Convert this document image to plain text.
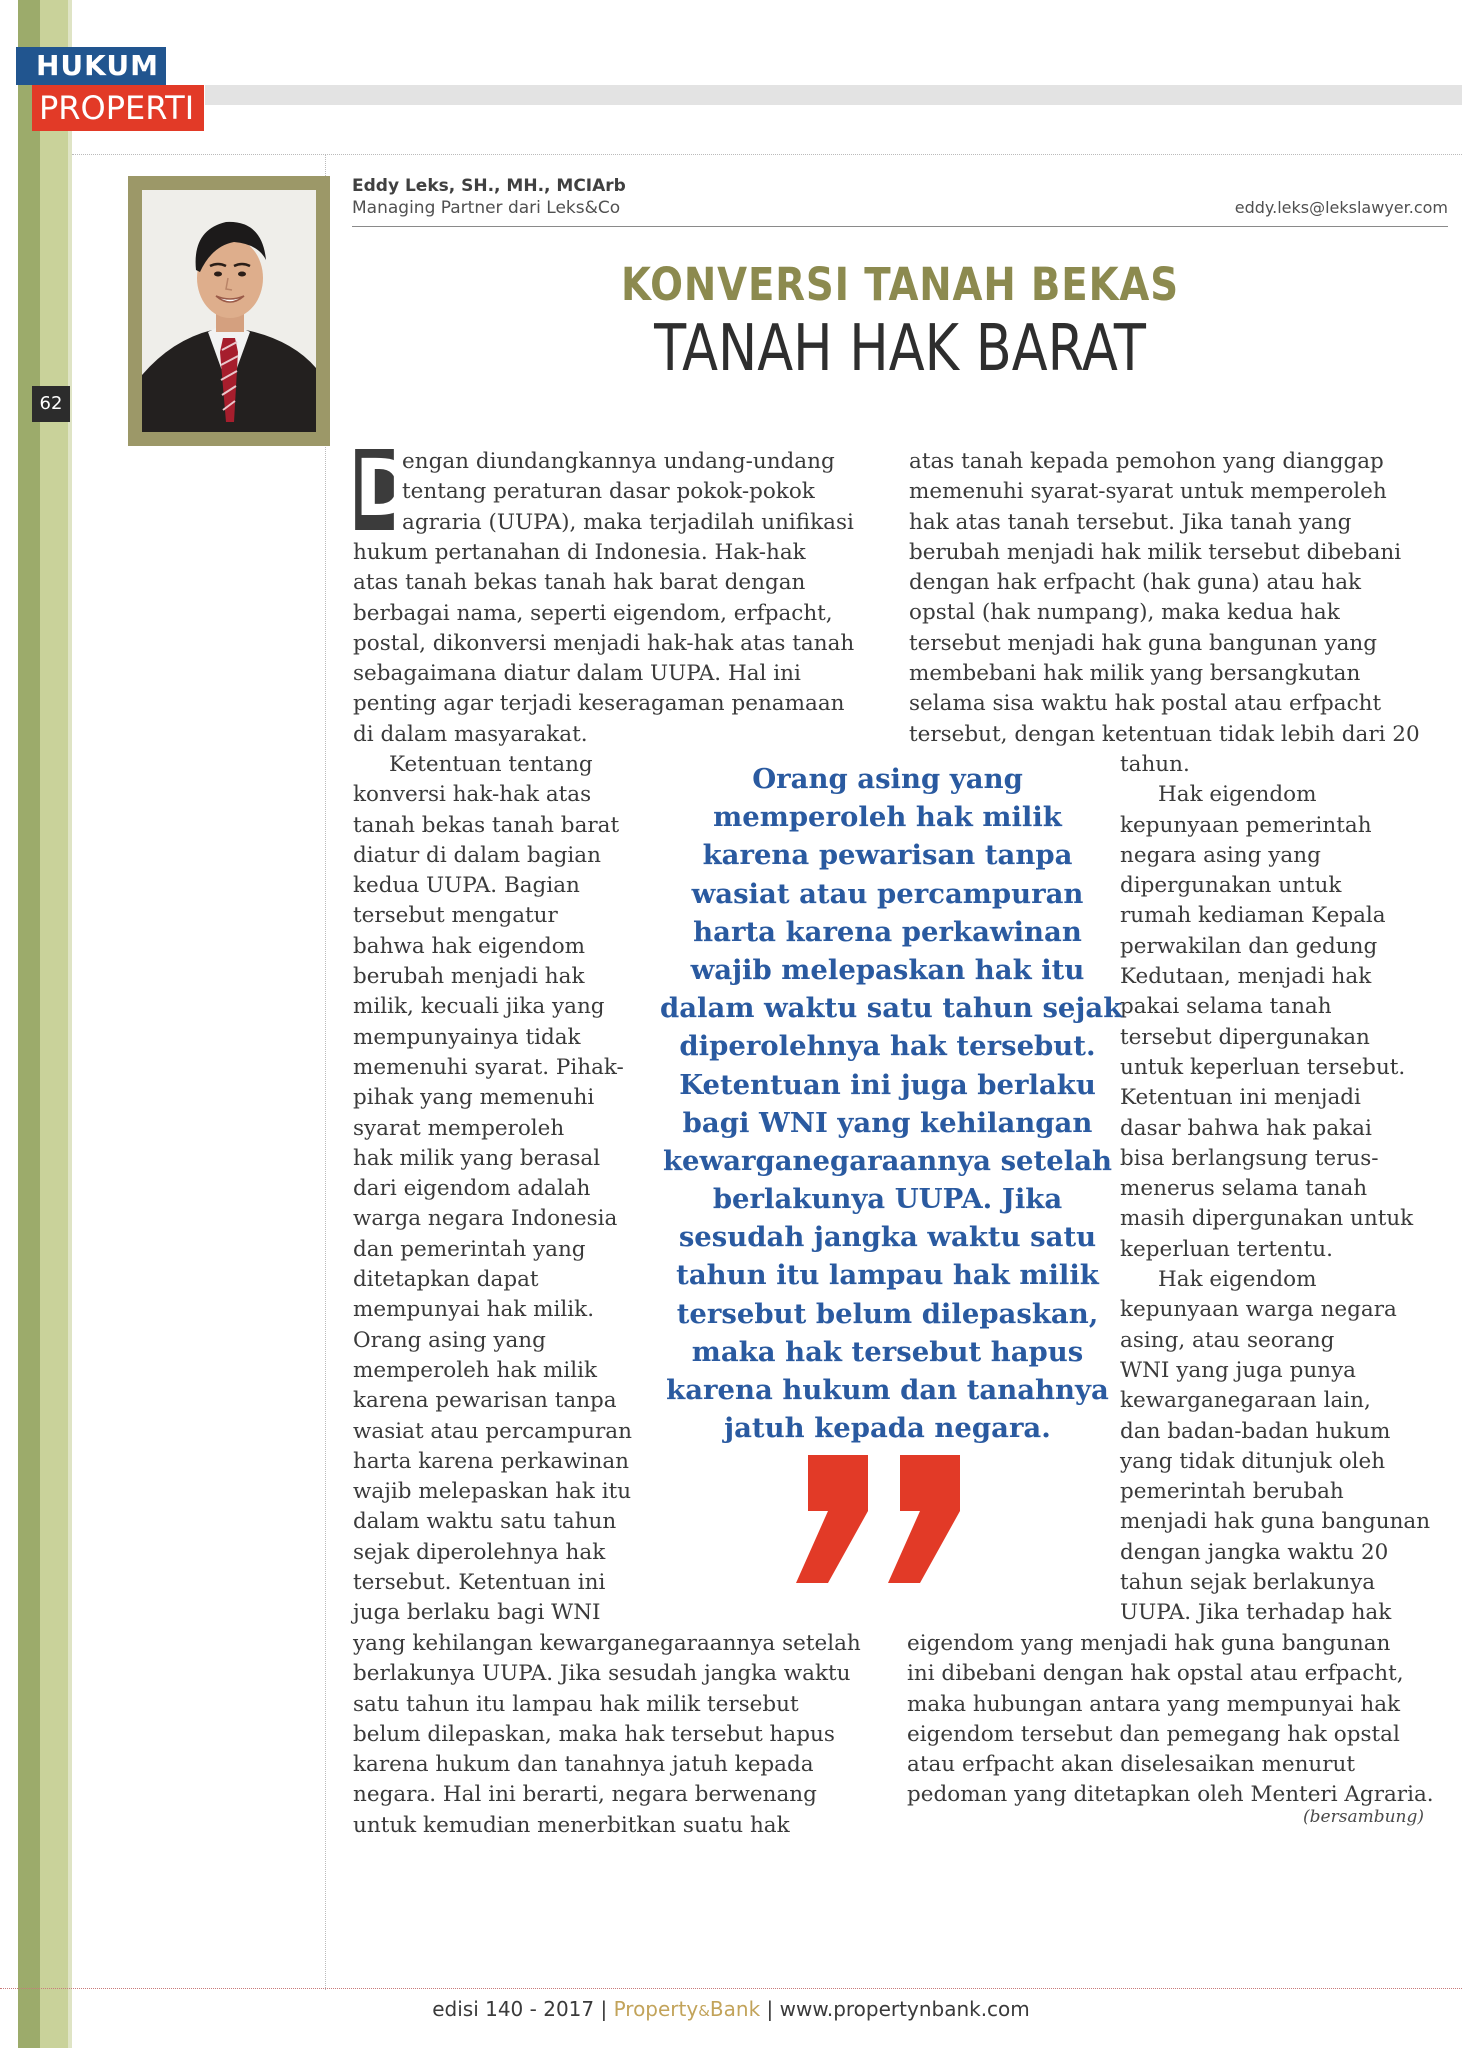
HUKUM
PROPERTI
62
Eddy Leks, SH., MH., MCIArb
Managing Partner dari Leks&Co	eddy.leks@lekslawyer.com
KONVERSI TANAH BEKAS
TANAH HAK BARAT
D
engan diundangkannya undang-undang
tentang peraturan dasar pokok-pokok
agraria (UUPA), maka terjadilah unifikasi
hukum pertanahan di Indonesia. Hak-hak
atas tanah bekas tanah hak barat dengan
berbagai nama, seperti eigendom, erfpacht,
postal, dikonversi menjadi hak-hak atas tanah
sebagaimana diatur dalam UUPA. Hal ini
penting agar terjadi keseragaman penamaan
di dalam masyarakat.
Ketentuan tentang
konversi hak-hak atas
tanah bekas tanah barat
diatur di dalam bagian
kedua UUPA. Bagian
tersebut mengatur
bahwa hak eigendom
berubah menjadi hak
milik, kecuali jika yang
mempunyainya tidak
memenuhi syarat. Pihak-
pihak yang memenuhi
syarat memperoleh
hak milik yang berasal
dari eigendom adalah
warga negara Indonesia
dan pemerintah yang
ditetapkan dapat
mempunyai hak milik.
Orang asing yang
memperoleh hak milik
karena pewarisan tanpa
wasiat atau percampuran
harta karena perkawinan
wajib melepaskan hak itu
dalam waktu satu tahun
sejak diperolehnya hak
tersebut. Ketentuan ini
juga berlaku bagi WNI
yang kehilangan kewarganegaraannya setelah
berlakunya UUPA. Jika sesudah jangka waktu
satu tahun itu lampau hak milik tersebut
belum dilepaskan, maka hak tersebut hapus
karena hukum dan tanahnya jatuh kepada
negara. Hal ini berarti, negara berwenang
untuk kemudian menerbitkan suatu hak
atas tanah kepada pemohon yang dianggap
memenuhi syarat-syarat untuk memperoleh
hak atas tanah tersebut. Jika tanah yang
berubah menjadi hak milik tersebut dibebani
dengan hak erfpacht (hak guna) atau hak
opstal (hak numpang), maka kedua hak
tersebut menjadi hak guna bangunan yang
membebani hak milik yang bersangkutan
selama sisa waktu hak postal atau erfpacht
tersebut, dengan ketentuan tidak lebih dari 20
tahun.
Hak eigendom
kepunyaan pemerintah
negara asing yang
dipergunakan untuk
rumah kediaman Kepala
perwakilan dan gedung
Kedutaan, menjadi hak
pakai selama tanah
tersebut dipergunakan
untuk keperluan tersebut.
Ketentuan ini menjadi
dasar bahwa hak pakai
bisa berlangsung terus-
menerus selama tanah
masih dipergunakan untuk
keperluan tertentu.
Hak eigendom
kepunyaan warga negara
asing, atau seorang
WNI yang juga punya
kewarganegaraan lain,
dan badan-badan hukum
yang tidak ditunjuk oleh
pemerintah berubah
menjadi hak guna bangunan
dengan jangka waktu 20
tahun sejak berlakunya
UUPA. Jika terhadap hak
eigendom yang menjadi hak guna bangunan
ini dibebani dengan hak opstal atau erfpacht,
maka hubungan antara yang mempunyai hak
eigendom tersebut dan pemegang hak opstal
atau erfpacht akan diselesaikan menurut
pedoman yang ditetapkan oleh Menteri Agraria.
(bersambung)
Orang asing yang
memperoleh hak milik
karena pewarisan tanpa
wasiat atau percampuran
harta karena perkawinan
wajib melepaskan hak itu
dalam waktu satu tahun sejak
diperolehnya hak tersebut.
Ketentuan ini juga berlaku
bagi WNI yang kehilangan
kewarganegaraannya setelah
berlakunya UUPA. Jika
sesudah jangka waktu satu
tahun itu lampau hak milik
tersebut belum dilepaskan,
maka hak tersebut hapus
karena hukum dan tanahnya
jatuh kepada negara.
edisi 140 - 2017 | Property&Bank | www.propertynbank.com
